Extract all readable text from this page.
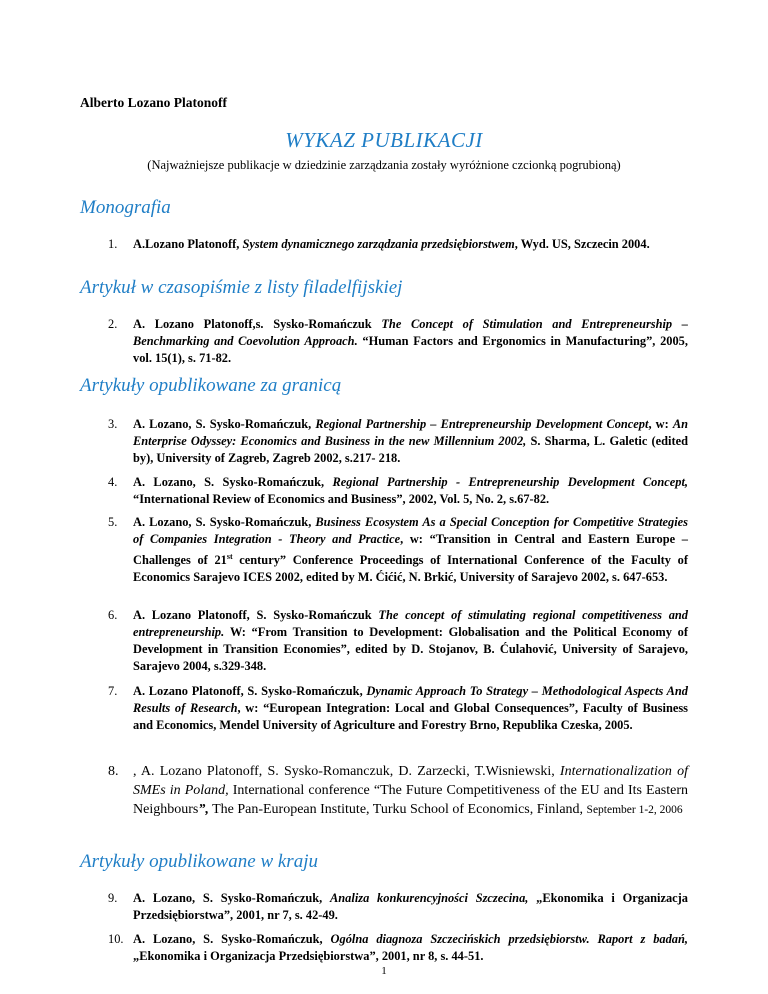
Alberto Lozano Platonoff
WYKAZ PUBLIKACJI
(Najważniejsze publikacje w dziedzinie zarządzania zostały wyróżnione czcionką pogrubioną)
Monografia
1. A.Lozano Platonoff, System dynamicznego zarządzania przedsiębiorstwem, Wyd. US, Szczecin 2004.
Artykuł w czasopiśmie z listy filadelfijskiej
2. A. Lozano Platonoff,s. Sysko-Romańczuk The Concept of Stimulation and Entrepreneurship – Benchmarking and Coevolution Approach. “Human Factors and Ergonomics in Manufacturing”, 2005, vol. 15(1), s. 71-82.
Artykuły opublikowane za granicą
3. A. Lozano, S. Sysko-Romańczuk, Regional Partnership – Entrepreneurship Development Concept, w: An Enterprise Odyssey: Economics and Business in the new Millennium 2002, S. Sharma, L. Galetic (edited by), University of Zagreb, Zagreb 2002, s.217- 218.
4. A. Lozano, S. Sysko-Romańczuk, Regional Partnership - Entrepreneurship Development Concept, “International Review of Economics and Business”, 2002, Vol. 5, No. 2, s.67-82.
5. A. Lozano, S. Sysko-Romańczuk, Business Ecosystem As a Special Conception for Competitive Strategies of Companies Integration - Theory and Practice, w: “Transition in Central and Eastern Europe – Challenges of 21st century” Conference Proceedings of International Conference of the Faculty of Economics Sarajevo ICES 2002, edited by M. Ćićić, N. Brkić, University of Sarajevo 2002, s. 647-653.
6. A. Lozano Platonoff, S. Sysko-Romańczuk The concept of stimulating regional competitiveness and entrepreneurship. W: “From Transition to Development: Globalisation and the Political Economy of Development in Transition Economies”, edited by D. Stojanov, B. Ćulahović, University of Sarajevo, Sarajevo 2004, s.329-348.
7. A. Lozano Platonoff, S. Sysko-Romańczuk, Dynamic Approach To Strategy – Methodological Aspects And Results of Research, w: “European Integration: Local and Global Consequences”, Faculty of Business and Economics, Mendel University of Agriculture and Forestry Brno, Republika Czeska, 2005.
8. , A. Lozano Platonoff, S. Sysko-Romanczuk, D. Zarzecki, T.Wisniewski, Internationalization of SMEs in Poland, International conference “The Future Competitiveness of the EU and Its Eastern Neighbours”, The Pan-European Institute, Turku School of Economics, Finland, September 1-2, 2006
Artykuły opublikowane w kraju
9. A. Lozano, S. Sysko-Romańczuk, Analiza konkurencyjności Szczecina, „Ekonomika i Organizacja Przedsiębiorstwa”, 2001, nr 7, s. 42-49.
10. A. Lozano, S. Sysko-Romańczuk, Ogólna diagnoza Szczecińskich przedsiębiorstw. Raport z badań, „Ekonomika i Organizacja Przedsiębiorstwa”, 2001, nr 8, s. 44-51.
1
